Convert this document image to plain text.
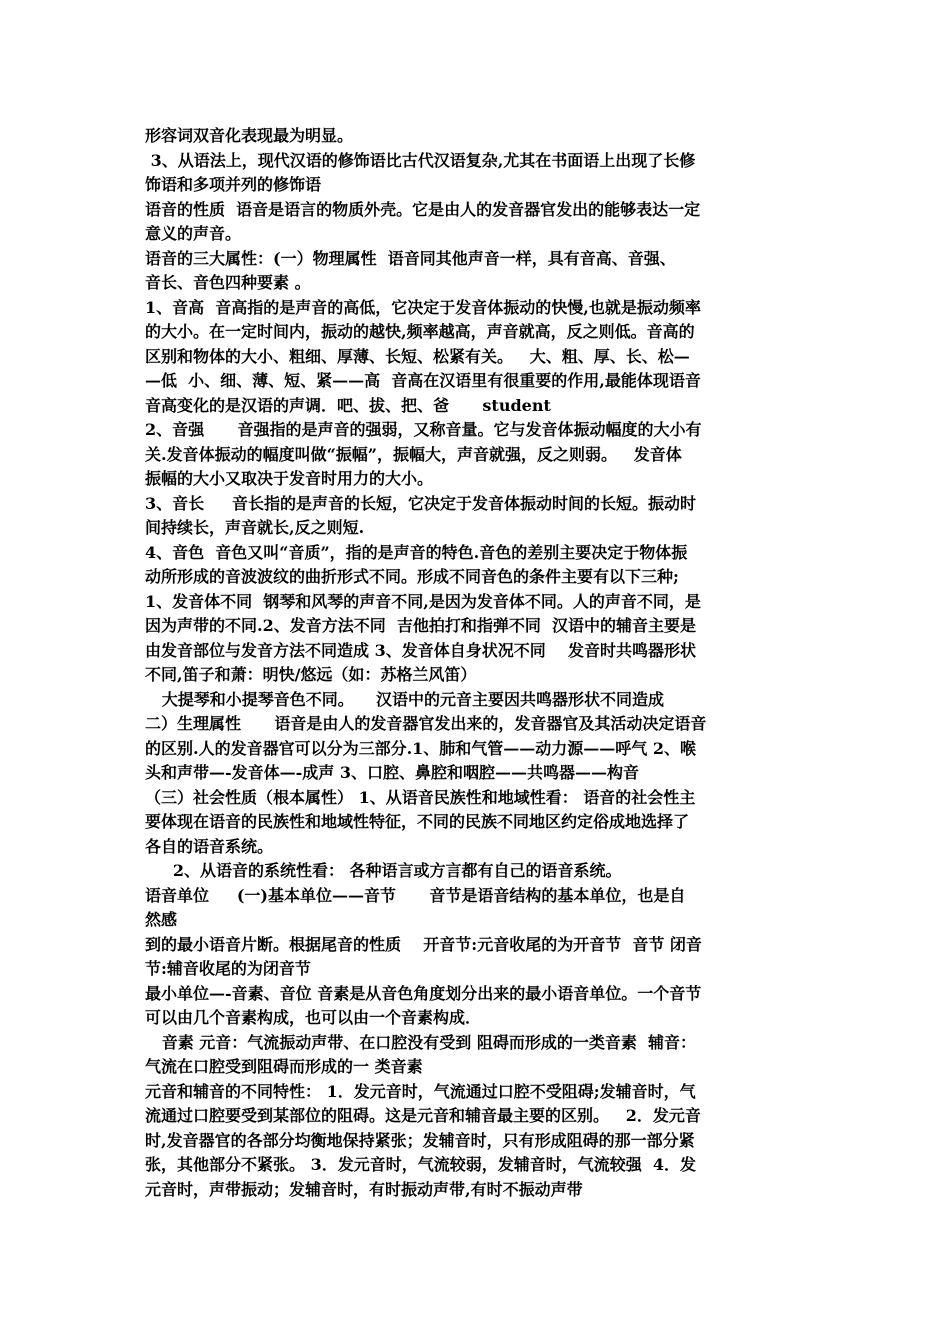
形容词双音化表现最为明显。
3、从语法上，现代汉语的修饰语比古代汉语复杂,尤其在书面语上出现了长修
饰语和多项并列的修饰语
语音的性质  语音是语言的物质外壳。它是由人的发音器官发出的能够表达一定
意义的声音。
语音的三大属性：(一）物理属性  语音同其他声音一样，具有音高、音强、
音长、音色四种要素 。
1、音高  音高指的是声音的高低，它决定于发音体振动的快慢,也就是振动频率
的大小。在一定时间内，振动的越快,频率越高，声音就高，反之则低。音高的
区别和物体的大小、粗细、厚薄、长短、松紧有关。   大、粗、厚、长、松—
—低  小、细、薄、短、紧——高  音高在汉语里有很重要的作用,最能体现语音
音高变化的是汉语的声调．吧、拔、把、爸      student
2、音强      音强指的是声音的强弱，又称音量。它与发音体振动幅度的大小有
关.发音体振动的幅度叫做“振幅”，振幅大，声音就强，反之则弱。   发音体
振幅的大小又取决于发音时用力的大小。
3、音长     音长指的是声音的长短，它决定于发音体振动时间的长短。振动时
间持续长，声音就长,反之则短.
4、音色  音色又叫“音质”，指的是声音的特色.音色的差别主要决定于物体振
动所形成的音波波纹的曲折形式不同。形成不同音色的条件主要有以下三种;
1、发音体不同  钢琴和风琴的声音不同,是因为发音体不同。人的声音不同，是
因为声带的不同.2、发音方法不同  吉他拍打和指弹不同  汉语中的辅音主要是
由发音部位与发音方法不同造成 3、发音体自身状况不同    发音时共鸣器形状
不同,笛子和萧：明快/悠远（如：苏格兰风笛）
大提琴和小提琴音色不同。    汉语中的元音主要因共鸣器形状不同造成
二）生理属性      语音是由人的发音器官发出来的，发音器官及其活动决定语音
的区别.人的发音器官可以分为三部分.1、肺和气管——动力源——呼气 2、喉
头和声带—-发音体—-成声 3、口腔、鼻腔和咽腔——共鸣器——构音
（三）社会性质（根本属性） 1、从语音民族性和地域性看： 语音的社会性主
要体现在语音的民族性和地域性特征，不同的民族不同地区约定俗成地选择了
各自的语音系统。
2、从语音的系统性看： 各种语言或方言都有自己的语音系统。
语音单位     (一)基本单位——音节      音节是语音结构的基本单位，也是自
然感
到的最小语音片断。根据尾音的性质    开音节:元音收尾的为开音节  音节 闭音
节:辅音收尾的为闭音节
最小单位—-音素、音位 音素是从音色角度划分出来的最小语音单位。一个音节
可以由几个音素构成，也可以由一个音素构成．
音素 元音：气流振动声带、在口腔没有受到 阻碍而形成的一类音素  辅音：
气流在口腔受到阻碍而形成的一 类音素
元音和辅音的不同特性： 1．发元音时，气流通过口腔不受阻碍;发辅音时，气
流通过口腔要受到某部位的阻碍。这是元音和辅音最主要的区别。   2．发元音
时,发音器官的各部分均衡地保持紧张；发辅音时，只有形成阻碍的那一部分紧
张，其他部分不紧张。 3．发元音时，气流较弱，发辅音时，气流较强  4．发
元音时，声带振动；发辅音时，有时振动声带,有时不振动声带
